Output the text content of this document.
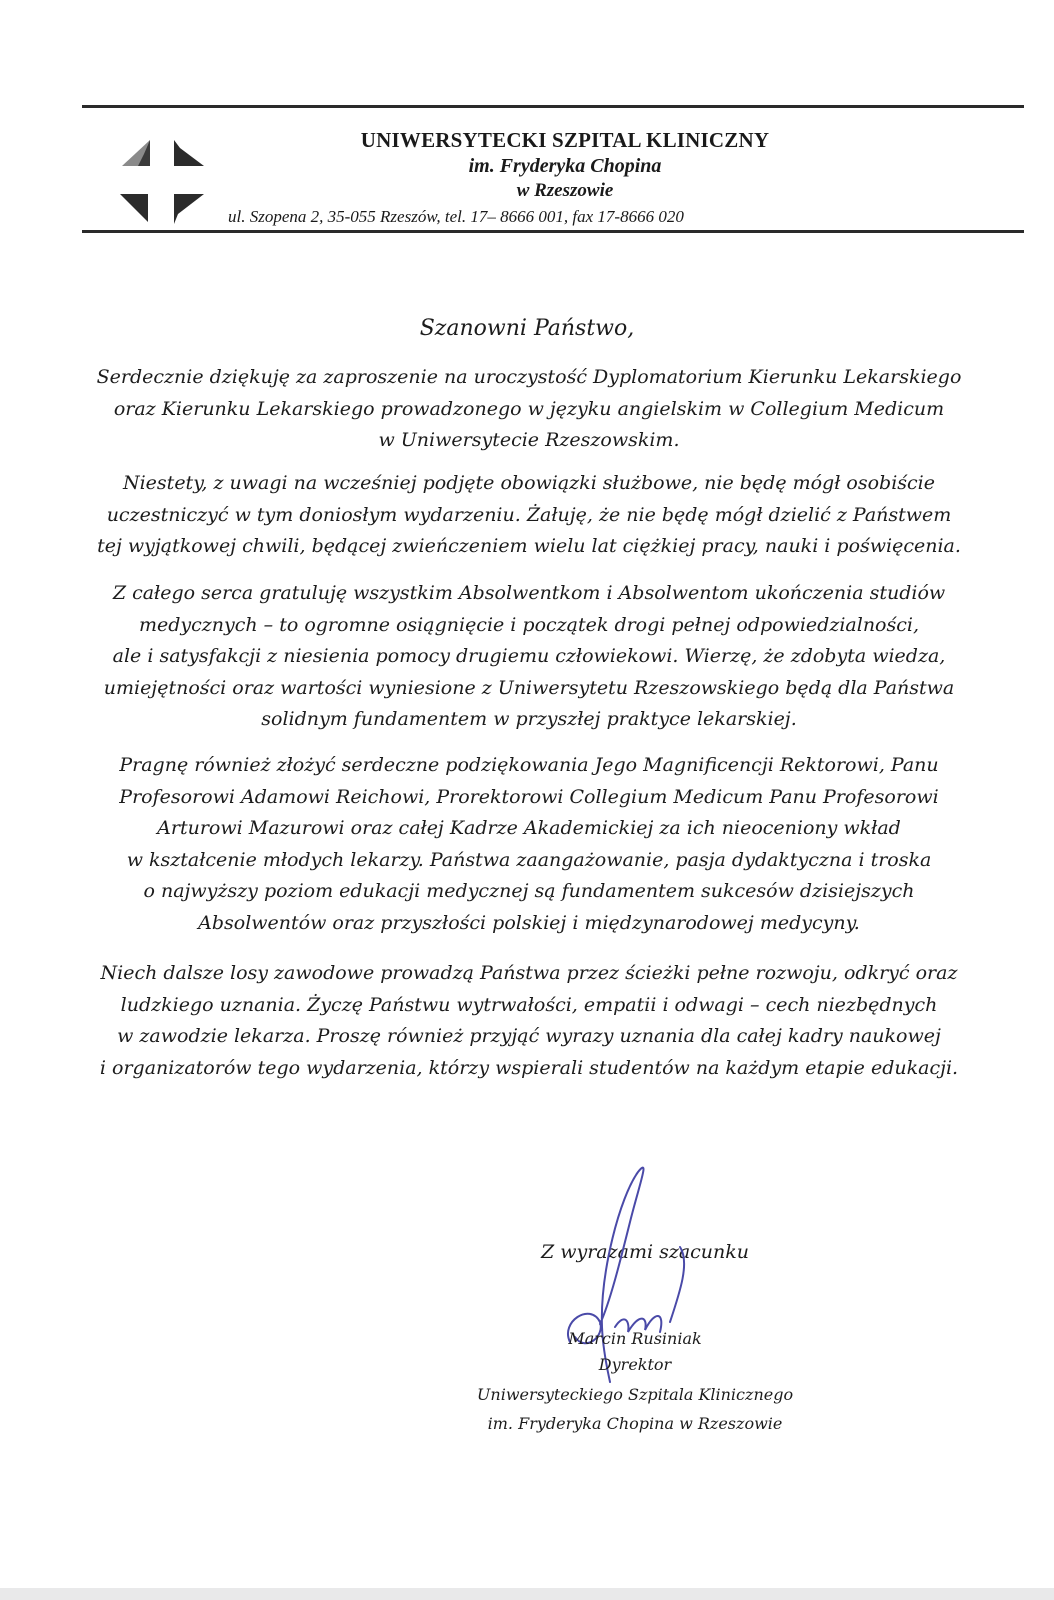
UNIWERSYTECKI SZPITAL KLINICZNY
im. Fryderyka Chopina
w Rzeszowie
ul. Szopena 2, 35-055 Rzeszów, tel. 17– 8666 001, fax 17-8666 020
Szanowni Państwo,
Serdecznie dziękuję za zaproszenie na uroczystość Dyplomatorium Kierunku Lekarskiego
oraz Kierunku Lekarskiego prowadzonego w języku angielskim w Collegium Medicum
w Uniwersytecie Rzeszowskim.
Niestety, z uwagi na wcześniej podjęte obowiązki służbowe, nie będę mógł osobiście
uczestniczyć w tym doniosłym wydarzeniu. Żałuję, że nie będę mógł dzielić z Państwem
tej wyjątkowej chwili, będącej zwieńczeniem wielu lat ciężkiej pracy, nauki i poświęcenia.
Z całego serca gratuluję wszystkim Absolwentkom i Absolwentom ukończenia studiów
medycznych – to ogromne osiągnięcie i początek drogi pełnej odpowiedzialności,
ale i satysfakcji z niesienia pomocy drugiemu człowiekowi. Wierzę, że zdobyta wiedza,
umiejętności oraz wartości wyniesione z Uniwersytetu Rzeszowskiego będą dla Państwa
solidnym fundamentem w przyszłej praktyce lekarskiej.
Pragnę również złożyć serdeczne podziękowania Jego Magnificencji Rektorowi, Panu
Profesorowi Adamowi Reichowi, Prorektorowi Collegium Medicum Panu Profesorowi
Arturowi Mazurowi oraz całej Kadrze Akademickiej za ich nieoceniony wkład
w kształcenie młodych lekarzy. Państwa zaangażowanie, pasja dydaktyczna i troska
o najwyższy poziom edukacji medycznej są fundamentem sukcesów dzisiejszych
Absolwentów oraz przyszłości polskiej i międzynarodowej medycyny.
Niech dalsze losy zawodowe prowadzą Państwa przez ścieżki pełne rozwoju, odkryć oraz
ludzkiego uznania. Życzę Państwu wytrwałości, empatii i odwagi – cech niezbędnych
w zawodzie lekarza. Proszę również przyjąć wyrazy uznania dla całej kadry naukowej
i organizatorów tego wydarzenia, którzy wspierali studentów na każdym etapie edukacji.
Z wyrazami szacunku
Marcin Rusiniak
Dyrektor
Uniwersyteckiego Szpitala Klinicznego
im. Fryderyka Chopina w Rzeszowie
